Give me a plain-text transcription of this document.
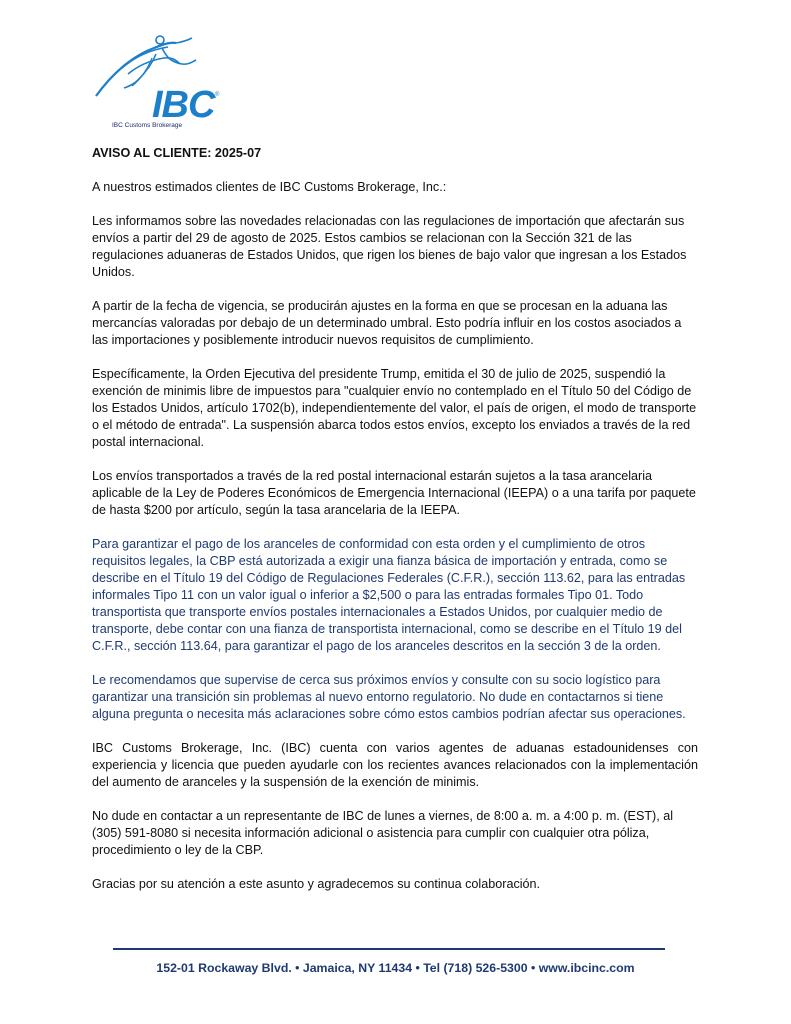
IBC ®
IBC Customs Brokerage

AVISO AL CLIENTE: 2025-07

A nuestros estimados clientes de IBC Customs Brokerage, Inc.:

Les informamos sobre las novedades relacionadas con las regulaciones de importación que afectarán sus envíos a partir del 29 de agosto de 2025. Estos cambios se relacionan con la Sección 321 de las regulaciones aduaneras de Estados Unidos, que rigen los bienes de bajo valor que ingresan a los Estados Unidos.

A partir de la fecha de vigencia, se producirán ajustes en la forma en que se procesan en la aduana las mercancías valoradas por debajo de un determinado umbral. Esto podría influir en los costos asociados a las importaciones y posiblemente introducir nuevos requisitos de cumplimiento.

Específicamente, la Orden Ejecutiva del presidente Trump, emitida el 30 de julio de 2025, suspendió la exención de minimis libre de impuestos para "cualquier envío no contemplado en el Título 50 del Código de los Estados Unidos, artículo 1702(b), independientemente del valor, el país de origen, el modo de transporte o el método de entrada". La suspensión abarca todos estos envíos, excepto los enviados a través de la red postal internacional.

Los envíos transportados a través de la red postal internacional estarán sujetos a la tasa arancelaria aplicable de la Ley de Poderes Económicos de Emergencia Internacional (IEEPA) o a una tarifa por paquete de hasta $200 por artículo, según la tasa arancelaria de la IEEPA.

Para garantizar el pago de los aranceles de conformidad con esta orden y el cumplimiento de otros requisitos legales, la CBP está autorizada a exigir una fianza básica de importación y entrada, como se describe en el Título 19 del Código de Regulaciones Federales (C.F.R.), sección 113.62, para las entradas informales Tipo 11 con un valor igual o inferior a $2,500 o para las entradas formales Tipo 01. Todo transportista que transporte envíos postales internacionales a Estados Unidos, por cualquier medio de transporte, debe contar con una fianza de transportista internacional, como se describe en el Título 19 del C.F.R., sección 113.64, para garantizar el pago de los aranceles descritos en la sección 3 de la orden.

Le recomendamos que supervise de cerca sus próximos envíos y consulte con su socio logístico para garantizar una transición sin problemas al nuevo entorno regulatorio. No dude en contactarnos si tiene alguna pregunta o necesita más aclaraciones sobre cómo estos cambios podrían afectar sus operaciones.

IBC Customs Brokerage, Inc. (IBC) cuenta con varios agentes de aduanas estadounidenses con experiencia y licencia que pueden ayudarle con los recientes avances relacionados con la implementación del aumento de aranceles y la suspensión de la exención de minimis.

No dude en contactar a un representante de IBC de lunes a viernes, de 8:00 a. m. a 4:00 p. m. (EST), al (305) 591-8080 si necesita información adicional o asistencia para cumplir con cualquier otra póliza, procedimiento o ley de la CBP.

Gracias por su atención a este asunto y agradecemos su continua colaboración.

152-01 Rockaway Blvd. • Jamaica, NY 11434 • Tel (718) 526-5300 • www.ibcinc.com
